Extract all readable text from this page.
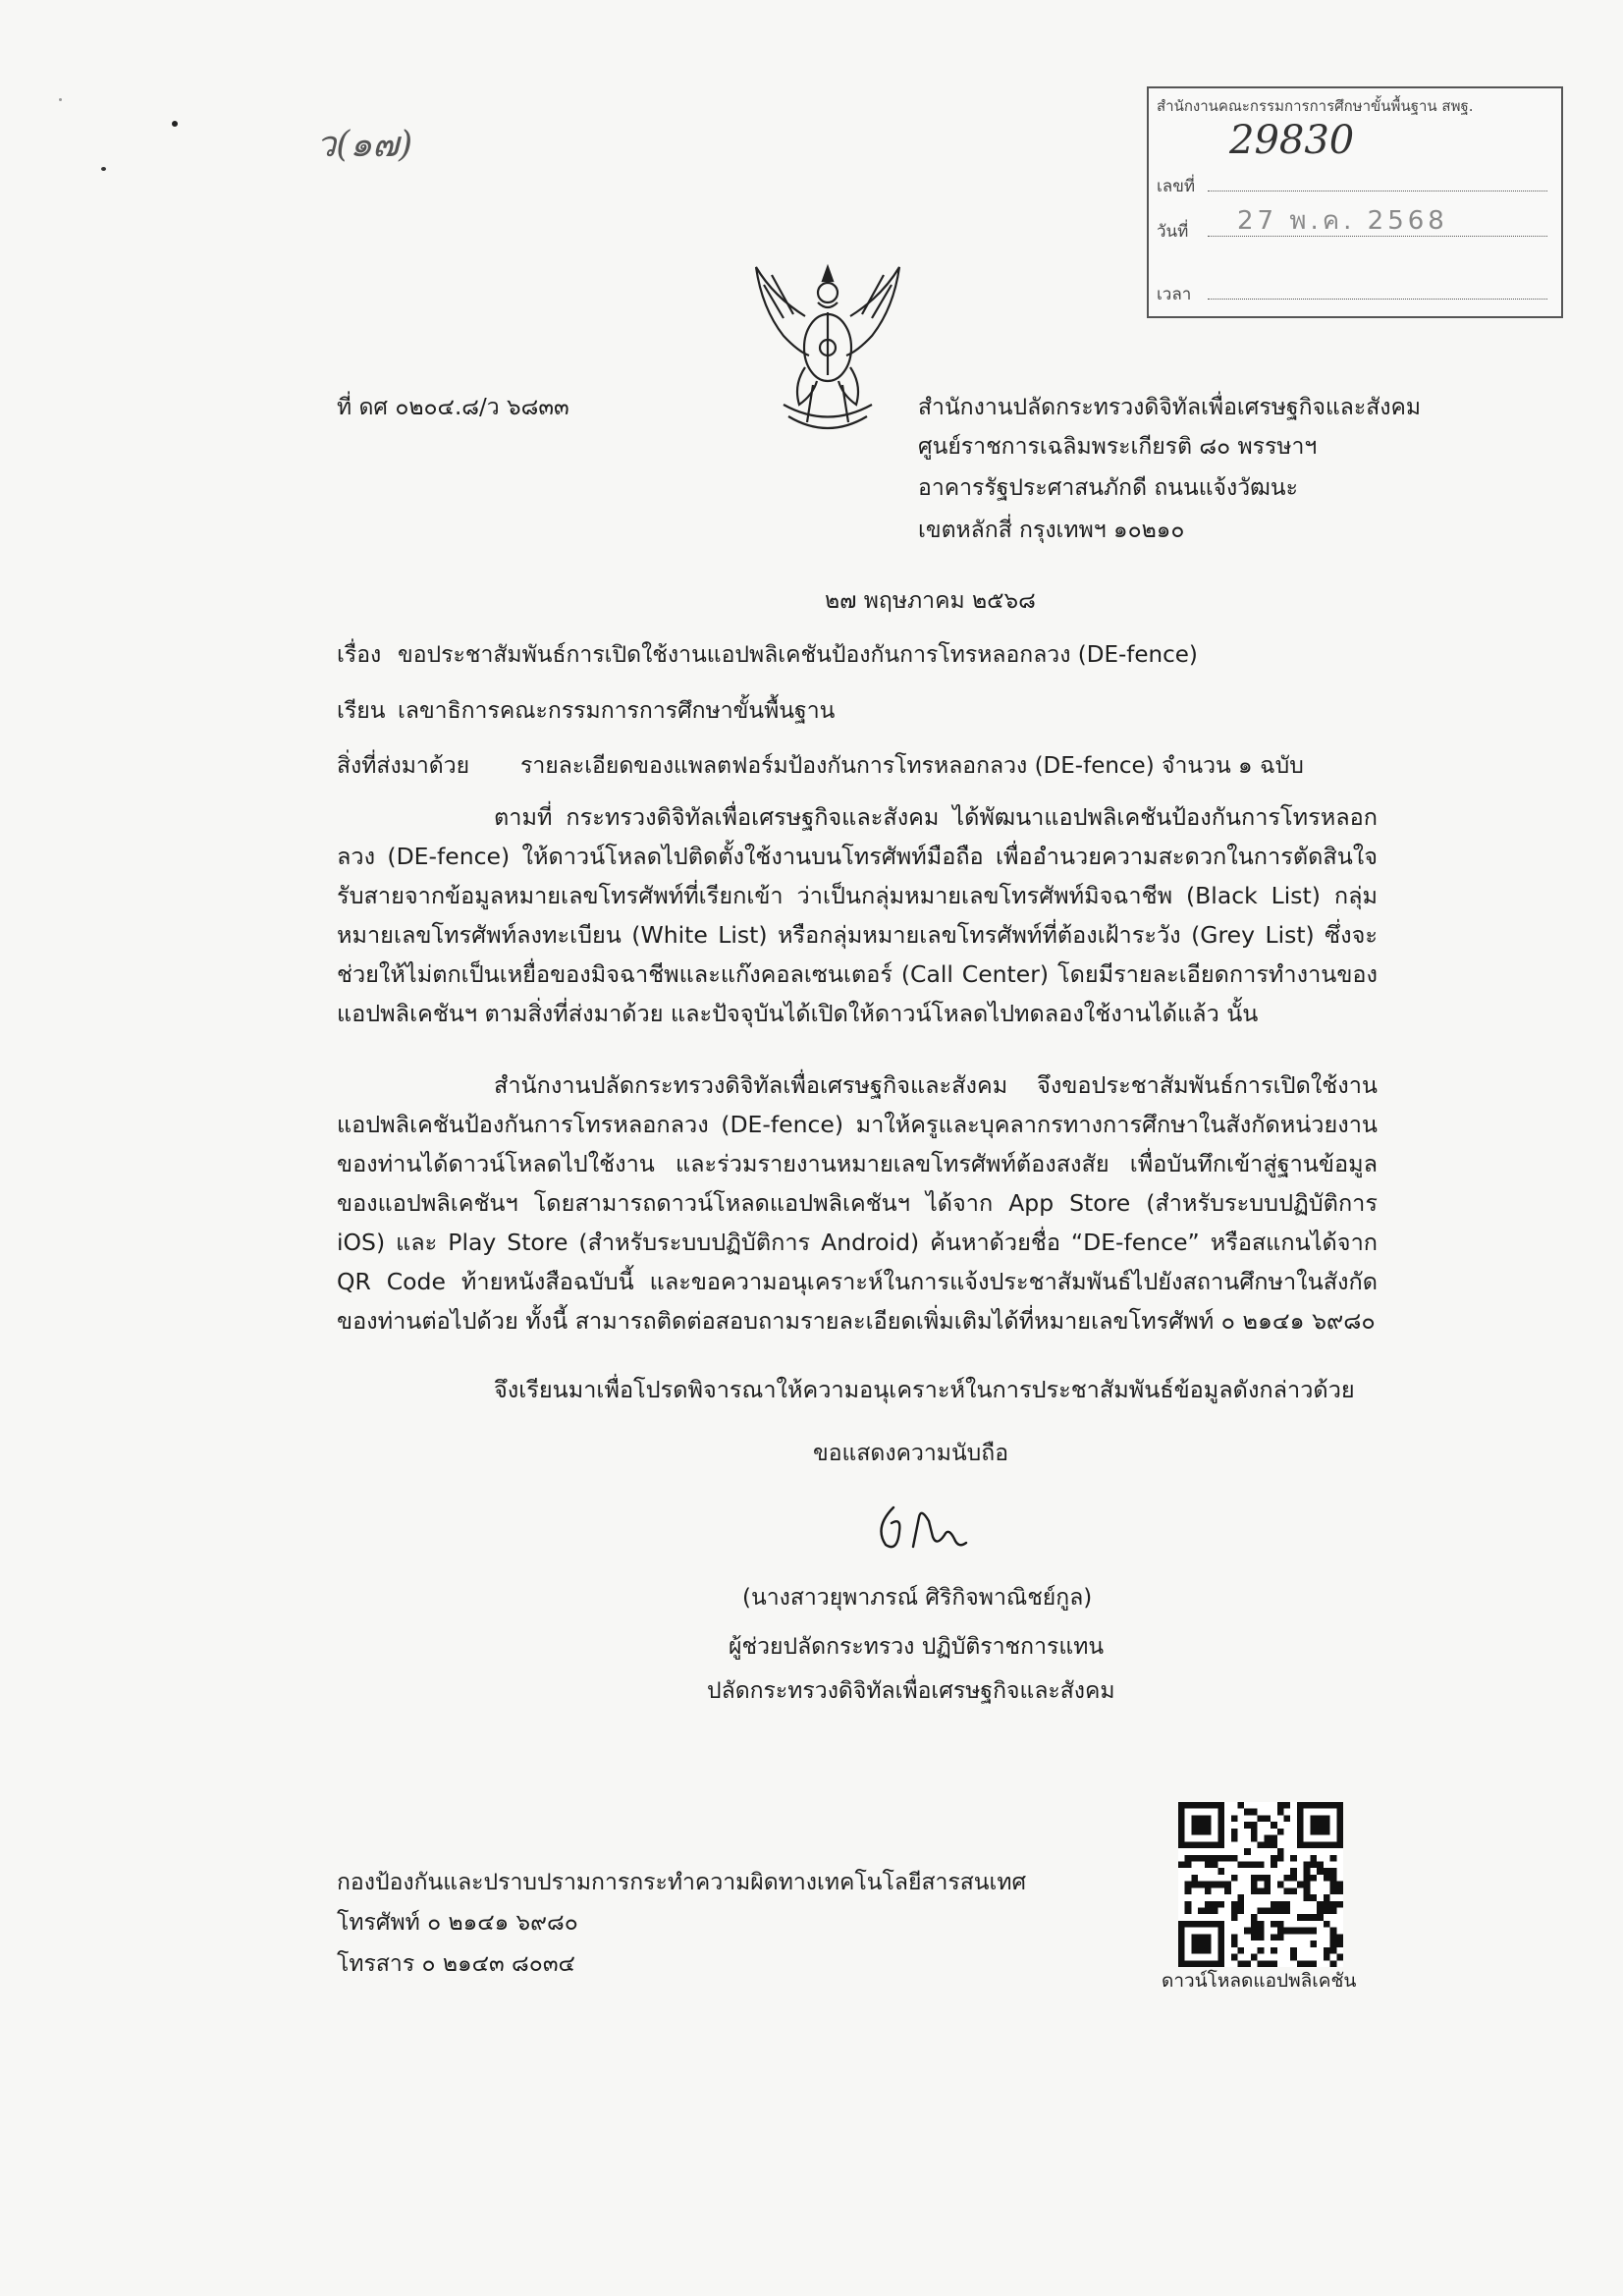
ว(๑๗)
สำนักงานคณะกรรมการการศึกษาขั้นพื้นฐาน สพฐ.
เลขที่
29830
วันที่	27 พ.ค. 2568
เวลา
ที่ ดศ ๐๒๐๔.๘/ว ๖๘๓๓	สำนักงานปลัดกระทรวงดิจิทัลเพื่อเศรษฐกิจและสังคม
ศูนย์ราชการเฉลิมพระเกียรติ ๘๐ พรรษาฯ
อาคารรัฐประศาสนภักดี ถนนแจ้งวัฒนะ
เขตหลักสี่ กรุงเทพฯ ๑๐๒๑๐
๒๗ พฤษภาคม ๒๕๖๘
เรื่อง ขอประชาสัมพันธ์การเปิดใช้งานแอปพลิเคชันป้องกันการโทรหลอกลวง (DE-fence)
เรียน เลขาธิการคณะกรรมการการศึกษาขั้นพื้นฐาน
สิ่งที่ส่งมาด้วย รายละเอียดของแพลตฟอร์มป้องกันการโทรหลอกลวง (DE-fence) จำนวน ๑ ฉบับ

ตามที่ กระทรวงดิจิทัลเพื่อเศรษฐกิจและสังคม ได้พัฒนาแอปพลิเคชันป้องกันการโทรหลอกลวง (DE-fence) ให้ดาวน์โหลดไปติดตั้งใช้งานบนโทรศัพท์มือถือ เพื่ออำนวยความสะดวกในการตัดสินใจรับสายจากข้อมูลหมายเลขโทรศัพท์ที่เรียกเข้า ว่าเป็นกลุ่มหมายเลขโทรศัพท์มิจฉาชีพ (Black List) กลุ่มหมายเลขโทรศัพท์ลงทะเบียน (White List) หรือกลุ่มหมายเลขโทรศัพท์ที่ต้องเฝ้าระวัง (Grey List) ซึ่งจะช่วยให้ไม่ตกเป็นเหยื่อของมิจฉาชีพและแก๊งคอลเซนเตอร์ (Call Center) โดยมีรายละเอียดการทำงานของแอปพลิเคชันฯ ตามสิ่งที่ส่งมาด้วย และปัจจุบันได้เปิดให้ดาวน์โหลดไปทดลองใช้งานได้แล้ว นั้น

สำนักงานปลัดกระทรวงดิจิทัลเพื่อเศรษฐกิจและสังคม จึงขอประชาสัมพันธ์การเปิดใช้งานแอปพลิเคชันป้องกันการโทรหลอกลวง (DE-fence) มาให้ครูและบุคลากรทางการศึกษาในสังกัดหน่วยงานของท่านได้ดาวน์โหลดไปใช้งาน และร่วมรายงานหมายเลขโทรศัพท์ต้องสงสัย เพื่อบันทึกเข้าสู่ฐานข้อมูลของแอปพลิเคชันฯ โดยสามารถดาวน์โหลดแอปพลิเคชันฯ ได้จาก App Store (สำหรับระบบปฏิบัติการ iOS) และ Play Store (สำหรับระบบปฏิบัติการ Android) ค้นหาด้วยชื่อ “DE-fence” หรือสแกนได้จาก QR Code ท้ายหนังสือฉบับนี้ และขอความอนุเคราะห์ในการแจ้งประชาสัมพันธ์ไปยังสถานศึกษาในสังกัดของท่านต่อไปด้วย ทั้งนี้ สามารถติดต่อสอบถามรายละเอียดเพิ่มเติมได้ที่หมายเลขโทรศัพท์ ๐ ๒๑๔๑ ๖๙๘๐

จึงเรียนมาเพื่อโปรดพิจารณาให้ความอนุเคราะห์ในการประชาสัมพันธ์ข้อมูลดังกล่าวด้วย

ขอแสดงความนับถือ
(นางสาวยุพาภรณ์ ศิริกิจพาณิชย์กูล)
ผู้ช่วยปลัดกระทรวง ปฏิบัติราชการแทน
ปลัดกระทรวงดิจิทัลเพื่อเศรษฐกิจและสังคม
กองป้องกันและปราบปรามการกระทำความผิดทางเทคโนโลยีสารสนเทศ
โทรศัพท์ ๐ ๒๑๔๑ ๖๙๘๐
โทรสาร ๐ ๒๑๔๓ ๘๐๓๔
ดาวน์โหลดแอปพลิเคชัน
